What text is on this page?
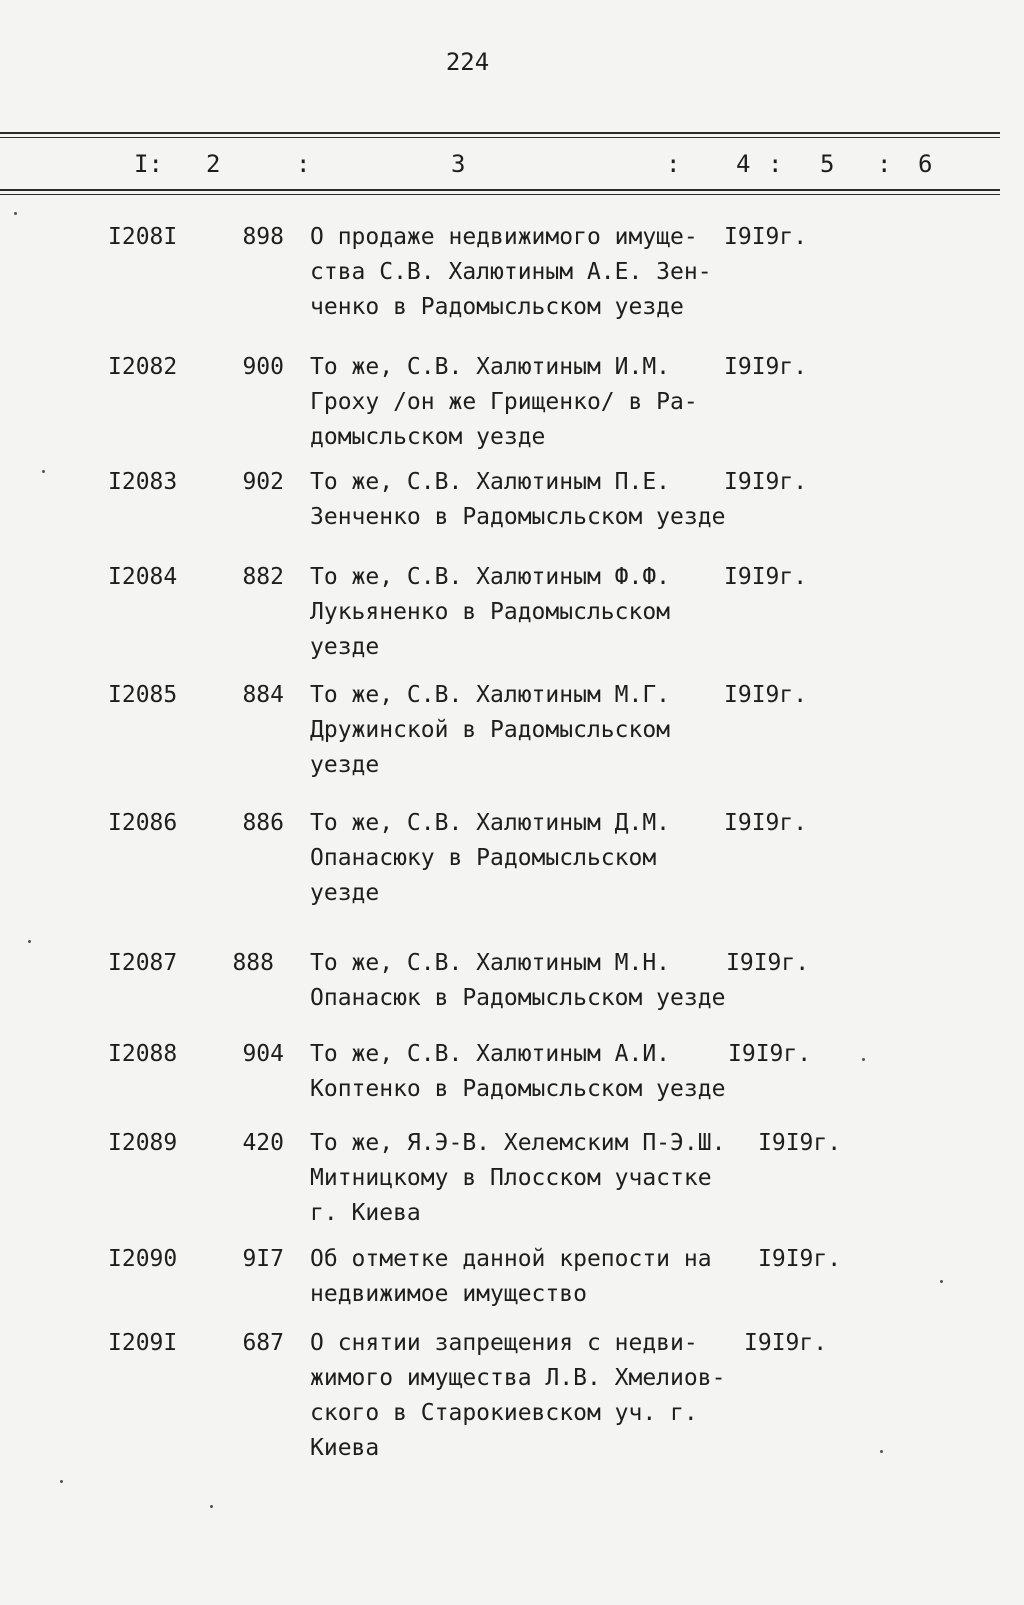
224
I: 2	:	3	: 4 : 5 : 6
I208I	898 О продаже недвижимого имуще-
ства С.В. Халютиным А.Е. Зен-
ченко в Радомысльском уезде
I9I9г.
I2082	900 То же, С.В. Халютиным И.М.
Гроху /он же Грищенко/ в Ра-
домысльском уезде
I9I9г.
I2083	902 То же, С.В. Халютиным П.Е.
Зенченко в Радомысльском уезде
I9I9г.
I2084	882 То же, С.В. Халютиным Ф.Ф.
Лукьяненко в Радомысльском
уезде
I9I9г.
I2085	884 То же, С.В. Халютиным М.Г.
Дружинской в Радомысльском
уезде
I9I9г.
I2086	886 То же, С.В. Халютиным Д.М.
Опанасюку в Радомысльском
уезде
I9I9г.
I2087	888 То же, С.В. Халютиным М.Н.
Опанасюк в Радомысльском уезде
I9I9г.
I2088	904 То же, С.В. Халютиным А.И.
Коптенко в Радомысльском уезде
I9I9г.
I2089	420 То же, Я.Э-В. Хелемским П-Э.Ш.
Митницкому в Плосском участке
г. Киева
I9I9г.
I2090	9I7 Об отметке данной крепости на
недвижимое имущество
I9I9г.
I209I	687 О снятии запрещения с недви-
жимого имущества Л.В. Хмелиов-
ского в Старокиевском уч. г.
Киева
I9I9г.
